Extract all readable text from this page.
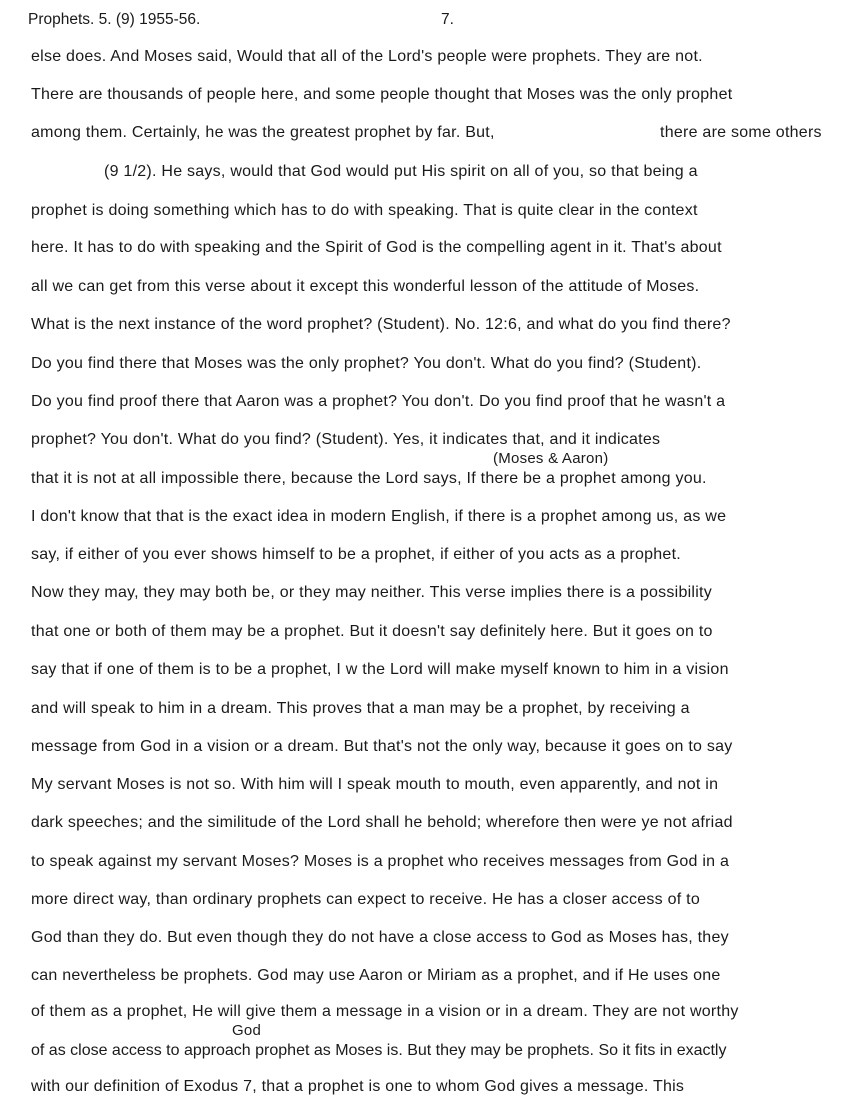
Prophets. 5. (9) 1955-56.	7.
else does. And Moses said, Would that all of the Lord's people were prophets. They are not.
There are thousands of people here, and some people thought that Moses was the only prophet
among them. Certainly, he was the greatest prophet by far. But,	there are some others
(9 1/2). He says, would that God would put His spirit on all of you, so that being a
prophet is doing something which has to do with speaking. That is quite clear in the context
here. It has to do with speaking and the Spirit of God is the compelling agent in it. That's about
all we can get from this verse about it except this wonderful lesson of the attitude of Moses.
What is the next instance of the word prophet? (Student). No. 12:6, and what do you find there?
Do you find there that Moses was the only prophet? You don't. What do you find? (Student).
Do you find proof there that Aaron was a prophet? You don't. Do you find proof that he wasn't a
prophet? You don't. What do you find? (Student). Yes, it indicates that, and it indicates
(Moses & Aaron)
that it is not at all impossible there, because the Lord says, If there be a prophet among you.
I don't know that that is the exact idea in modern English, if there is a prophet among us, as we
say, if either of you ever shows himself to be a prophet, if either of you acts as a prophet.
Now they may, they may both be, or they may neither. This verse implies there is a possibility
that one or both of them may be a prophet. But it doesn't say definitely here. But it goes on to
say that if one of them is to be a prophet, I w the Lord will make myself known to him in a vision
and will speak to him in a dream. This proves that a man may be a prophet, by receiving a
message from God in a vision or a dream. But that's not the only way, because it goes on to say
My servant Moses is not so. With him will I speak mouth to mouth, even apparently, and not in
dark speeches; and the similitude of the Lord shall he behold; wherefore then were ye not afriad
to speak against my servant Moses? Moses is a prophet who receives messages from God in a
more direct way, than ordinary prophets can expect to receive. He has a closer access of to
God than they do. But even though they do not have a close access to God as Moses has, they
can nevertheless be prophets. God may use Aaron or Miriam as a prophet, and if He uses one
of them as a prophet, He will give them a message in a vision or in a dream. They are not worthy
God
of as close access to approach prophet as Moses is. But they may be prophets. So it fits in exactly
with our definition of Exodus 7, that a prophet is one to whom God gives a message. This
